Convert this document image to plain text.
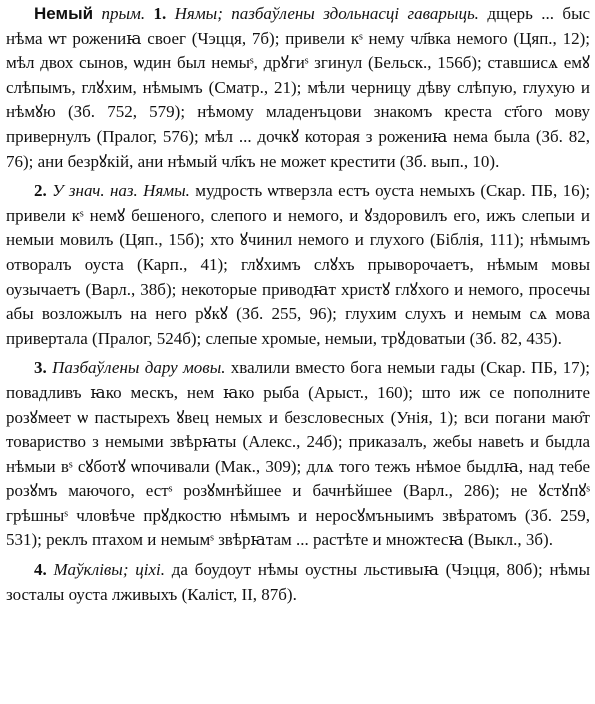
Немый прым. 1. Нямы; пазбаўлены здольнасці гаварыць. дщерь ... быс нѣма ѡт рожениꙗ своег (Чэцця, 7б); привели кˢ нему чл҃вка немого (Цяп., 12); мѣл двох сынов, ѡдин был немыˢ, дрꙋгиˢ згинул (Бельск., 156б); ставшисѧ емꙋ слѣпымъ, глꙋхим, нѣмымъ (Сматр., 21); мѣли черницу дѣву слѣпую, глухую и нѣмꙋю (Зб. 752, 579); нѣмому младенъцови знакомъ креста ст҃ого мову привернулъ (Пралог, 576); мѣл ... дочкꙋ которая з рожениꙗ нема была (Зб. 82, 76); ани безрꙋкій, ани нѣмый чл҃къ не может крестити (Зб. вып., 10).

2. У знач. наз. Нямы. мудрость ѡтверзла естъ оуста немыхъ (Скар. ПБ, 16); привели кˢ немꙋ бешеного, слепого и немого, и ꙋздоровилъ его, ижъ слепыи и немыи мовилъ (Цяп., 15б); хто ꙋчинил немого и глухого (Біблія, 111); нѣмымъ отворалъ оуста (Карп., 41); глꙋхимъ слꙋхъ прыворочаетъ, нѣмым мовы оузычаетъ (Варл., 38б); некоторые приводꙗт христꙋ глꙋхого и немого, просечы абы возложылъ на него рꙋкꙋ (Зб. 255, 96); глухим слухъ и немым сѧ мова привертала (Пралог, 524б); слепые хромые, немыи, трꙋдоватыи (Зб. 82, 435).

3. Пазбаўлены дару мовы. хвалили вместо бога немыи гады (Скар. ПБ, 17); повадливъ ꙗко мескъ, нем ꙗко рыба (Арыст., 160); што иж се пополните розꙋмеет ѡ пастырехъ ꙋвец немых и безсловесных (Унія, 1); вси погани маю̑т товариство з немыми звѣрꙗты (Алекс., 24б); приказалъ, жебы навеtъ и быдла нѣмыи вˢ сꙋботꙋ ѡпочивали (Мак., 309); длѧ того тежъ нѣмое быдлꙗ, над тебе розꙋмъ маючого, естˢ розꙋмнѣйшее и бачнѣйшее (Варл., 286); не ꙋстꙋпꙋˢ грѣшныˢ чловѣче прꙋдкостю нѣмымъ и неросꙋмъныимъ звѣратомъ (Зб. 259, 531); реклъ птахом и немымˢ звѣрꙗтам ... растѣте и множтесꙗ (Выкл., 3б).

4. Маўклівы; ціхі. да боудоут нѣмы оустны льстивыꙗ (Чэцця, 80б); нѣмы зосталы оуста лживыхъ (Каліст, II, 87б).
